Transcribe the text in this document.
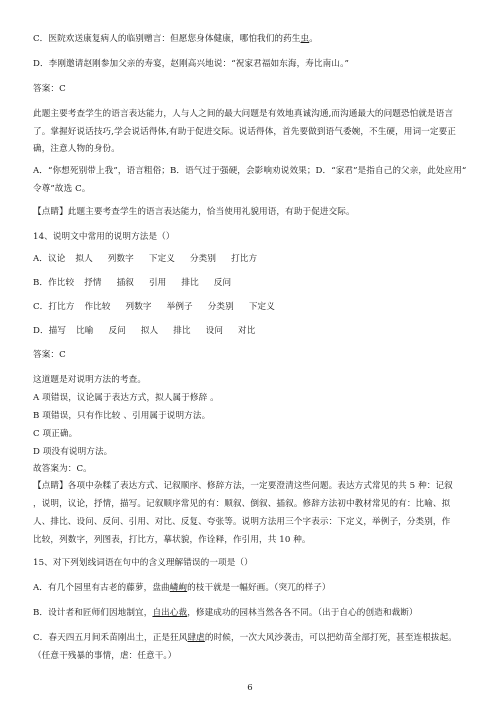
C．医院欢送康复病人的临别赠言：但愿您身体健康，哪怕我们的药生虫。
D．李刚邀请赵刚参加父亲的寿宴，赵刚高兴地说：“祝家君福如东海，寿比南山。”
答案：C
此题主要考查学生的语言表达能力，人与人之间的最大问题是有效地真诚沟通,而沟通最大的问题恐怕就是语言
了。掌握好说话技巧,学会说话得体,有助于促进交际。说话得体，首先要做到语气委婉，不生硬，用词一定要正
确，注意人物的身份。
A．“你想死别带上我”，语言粗俗；B．语气过于强硬，会影响劝说效果；D．“家君”是指自己的父亲，此处应用“
令尊”故选 C。
【点睛】此题主要考查学生的语言表达能力，恰当使用礼貌用语，有助于促进交际。
14、说明文中常用的说明方法是（）
A．议论 拟人 列数字 下定义 分类别 打比方
B．作比较 抒情 插叙 引用 排比 反问
C．打比方 作比较 列数字 举例子 分类别 下定义
D．描写 比喻 反问 拟人 排比 设问 对比
答案：C
这道题是对说明方法的考查。
A 项错误，议论属于表达方式，拟人属于修辞 。
B 项错误，只有作比较 、引用属于说明方法。
C 项正确。
D 项没有说明方法。
故答案为：C。
【点睛】各项中杂糅了表达方式、记叙顺序、修辞方法，一定要澄清这些问题。表达方式常见的共 5 种：记叙
，说明，议论，抒情，描写。记叙顺序常见的有：顺叙、倒叙、插叙。修辞方法初中教材常见的有：比喻、拟
人、排比、设问、反问、引用、对比、反复、夸张等。说明方法用三个字表示：下定义，举例子，分类别，作
比较，列数字，列图表，打比方，摹状貌，作诠释，作引用，共 10 种。
15、对下列划线词语在句中的含义理解错误的一项是（）
A．有几个园里有古老的藤萝，盘曲嶙峋的枝干就是一幅好画。（突兀的样子）
B．设计者和匠师们因地制宜，自出心裁，修建成功的园林当然各各不同。（出于自心的创造和裁断）
C．春天四五月间禾苗刚出土，正是狂风肆虐的时候，一次大风沙袭击，可以把幼苗全部打死，甚至连根拔起。
（任意干残暴的事情，虐：任意干。）
6
